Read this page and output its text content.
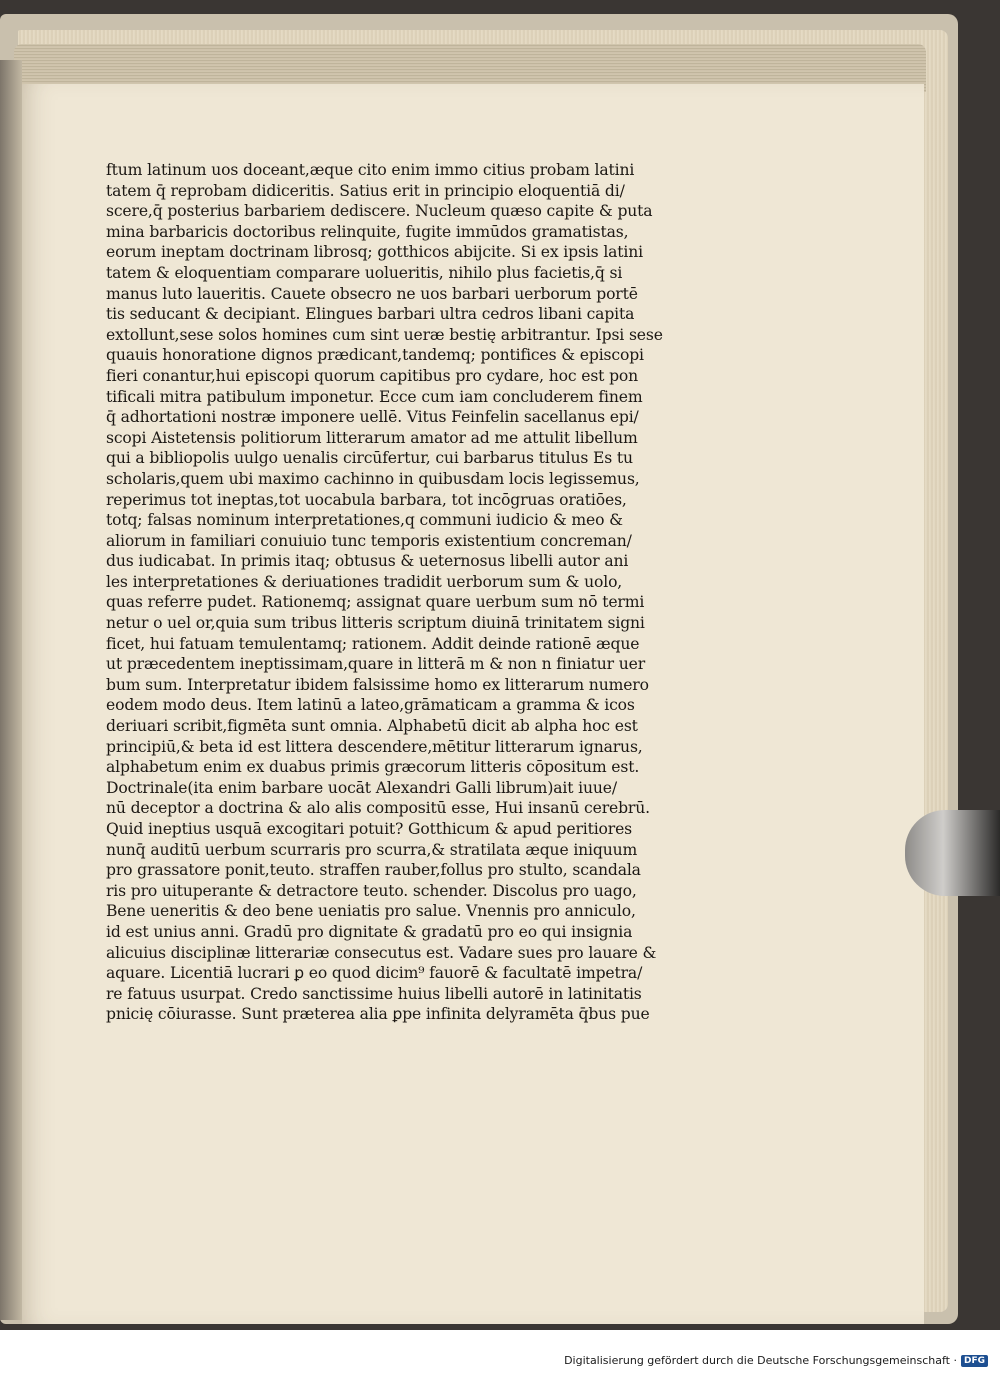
ftum latinum uos doceant,æque cito enim immo citius probam latini
tatem q̄ reprobam didiceritis. Satius erit in principio eloquentiā di/
scere,q̄ posterius barbariem dediscere. Nucleum quæso capite & puta
mina barbaricis doctoribus relinquite, fugite immūdos gramatistas,
eorum ineptam doctrinam librosq; gotthicos abijcite. Si ex ipsis latini
tatem & eloquentiam comparare uolueritis, nihilo plus facietis,q̄ si
manus luto laueritis. Cauete obsecro ne uos barbari uerborum portē
tis seducant & decipiant. Elingues barbari ultra cedros libani capita
extollunt,sese solos homines cum sint ueræ bestię arbitrantur. Ipsi sese
quauis honoratione dignos prædicant,tandemq; pontifices & episcopi
fieri conantur,hui episcopi quorum capitibus pro cydare, hoc est pon
tificali mitra patibulum imponetur. Ecce cum iam concluderem finem
q̄ adhortationi nostræ imponere uellē. Vitus Feinfelin sacellanus epi/
scopi Aistetensis politiorum litterarum amator ad me attulit libellum
qui a bibliopolis uulgo uenalis circūfertur, cui barbarus titulus Es tu
scholaris,quem ubi maximo cachinno in quibusdam locis legissemus,
reperimus tot ineptas,tot uocabula barbara, tot incōgruas oratiōes,
totq; falsas nominum interpretationes,q communi iudicio & meo &
aliorum in familiari conuiuio tunc temporis existentium concreman/
dus iudicabat. In primis itaq; obtusus & ueternosus libelli autor ani
les interpretationes & deriuationes tradidit uerborum sum & uolo,
quas referre pudet. Rationemq; assignat quare uerbum sum nō termi
netur o uel or,quia sum tribus litteris scriptum diuinā trinitatem signi
ficet, hui fatuam temulentamq; rationem. Addit deinde rationē æque
ut præcedentem ineptissimam,quare in litterā m & non n finiatur uer
bum sum. Interpretatur ibidem falsissime homo ex litterarum numero
eodem modo deus. Item latinū a lateo,grāmaticam a gramma & icos
deriuari scribit,figmēta sunt omnia. Alphabetū dicit ab alpha hoc est
principiū,& beta id est littera descendere,mētitur litterarum ignarus,
alphabetum enim ex duabus primis græcorum litteris cōpositum est.
Doctrinale(ita enim barbare uocāt Alexandri Galli librum)ait iuue/
nū deceptor a doctrina & alo alis compositū esse, Hui insanū cerebrū.
Quid ineptius usquā excogitari potuit? Gotthicum & apud peritiores
nunq̄ auditū uerbum scurraris pro scurra,& stratilata æque iniquum
pro grassatore ponit,teuto. straffen rauber,follus pro stulto, scandala
ris pro uituperante & detractore teuto. schender. Discolus pro uago,
Bene ueneritis & deo bene ueniatis pro salue. Vnennis pro anniculo,
id est unius anni. Gradū pro dignitate & gradatū pro eo qui insignia
alicuius disciplinæ litterariæ consecutus est. Vadare sues pro lauare &
aquare. Licentiā lucrari ꝑ eo quod dicim⁹ fauorē & facultatē impetra/
re fatuus usurpat. Credo sanctissime huius libelli autorē in latinitatis
pnicię cōiurasse. Sunt præterea alia ꝑpe infinita delyramēta q̄bus pue
Digitalisierung gefördert durch die Deutsche Forschungsgemeinschaft · DFG
